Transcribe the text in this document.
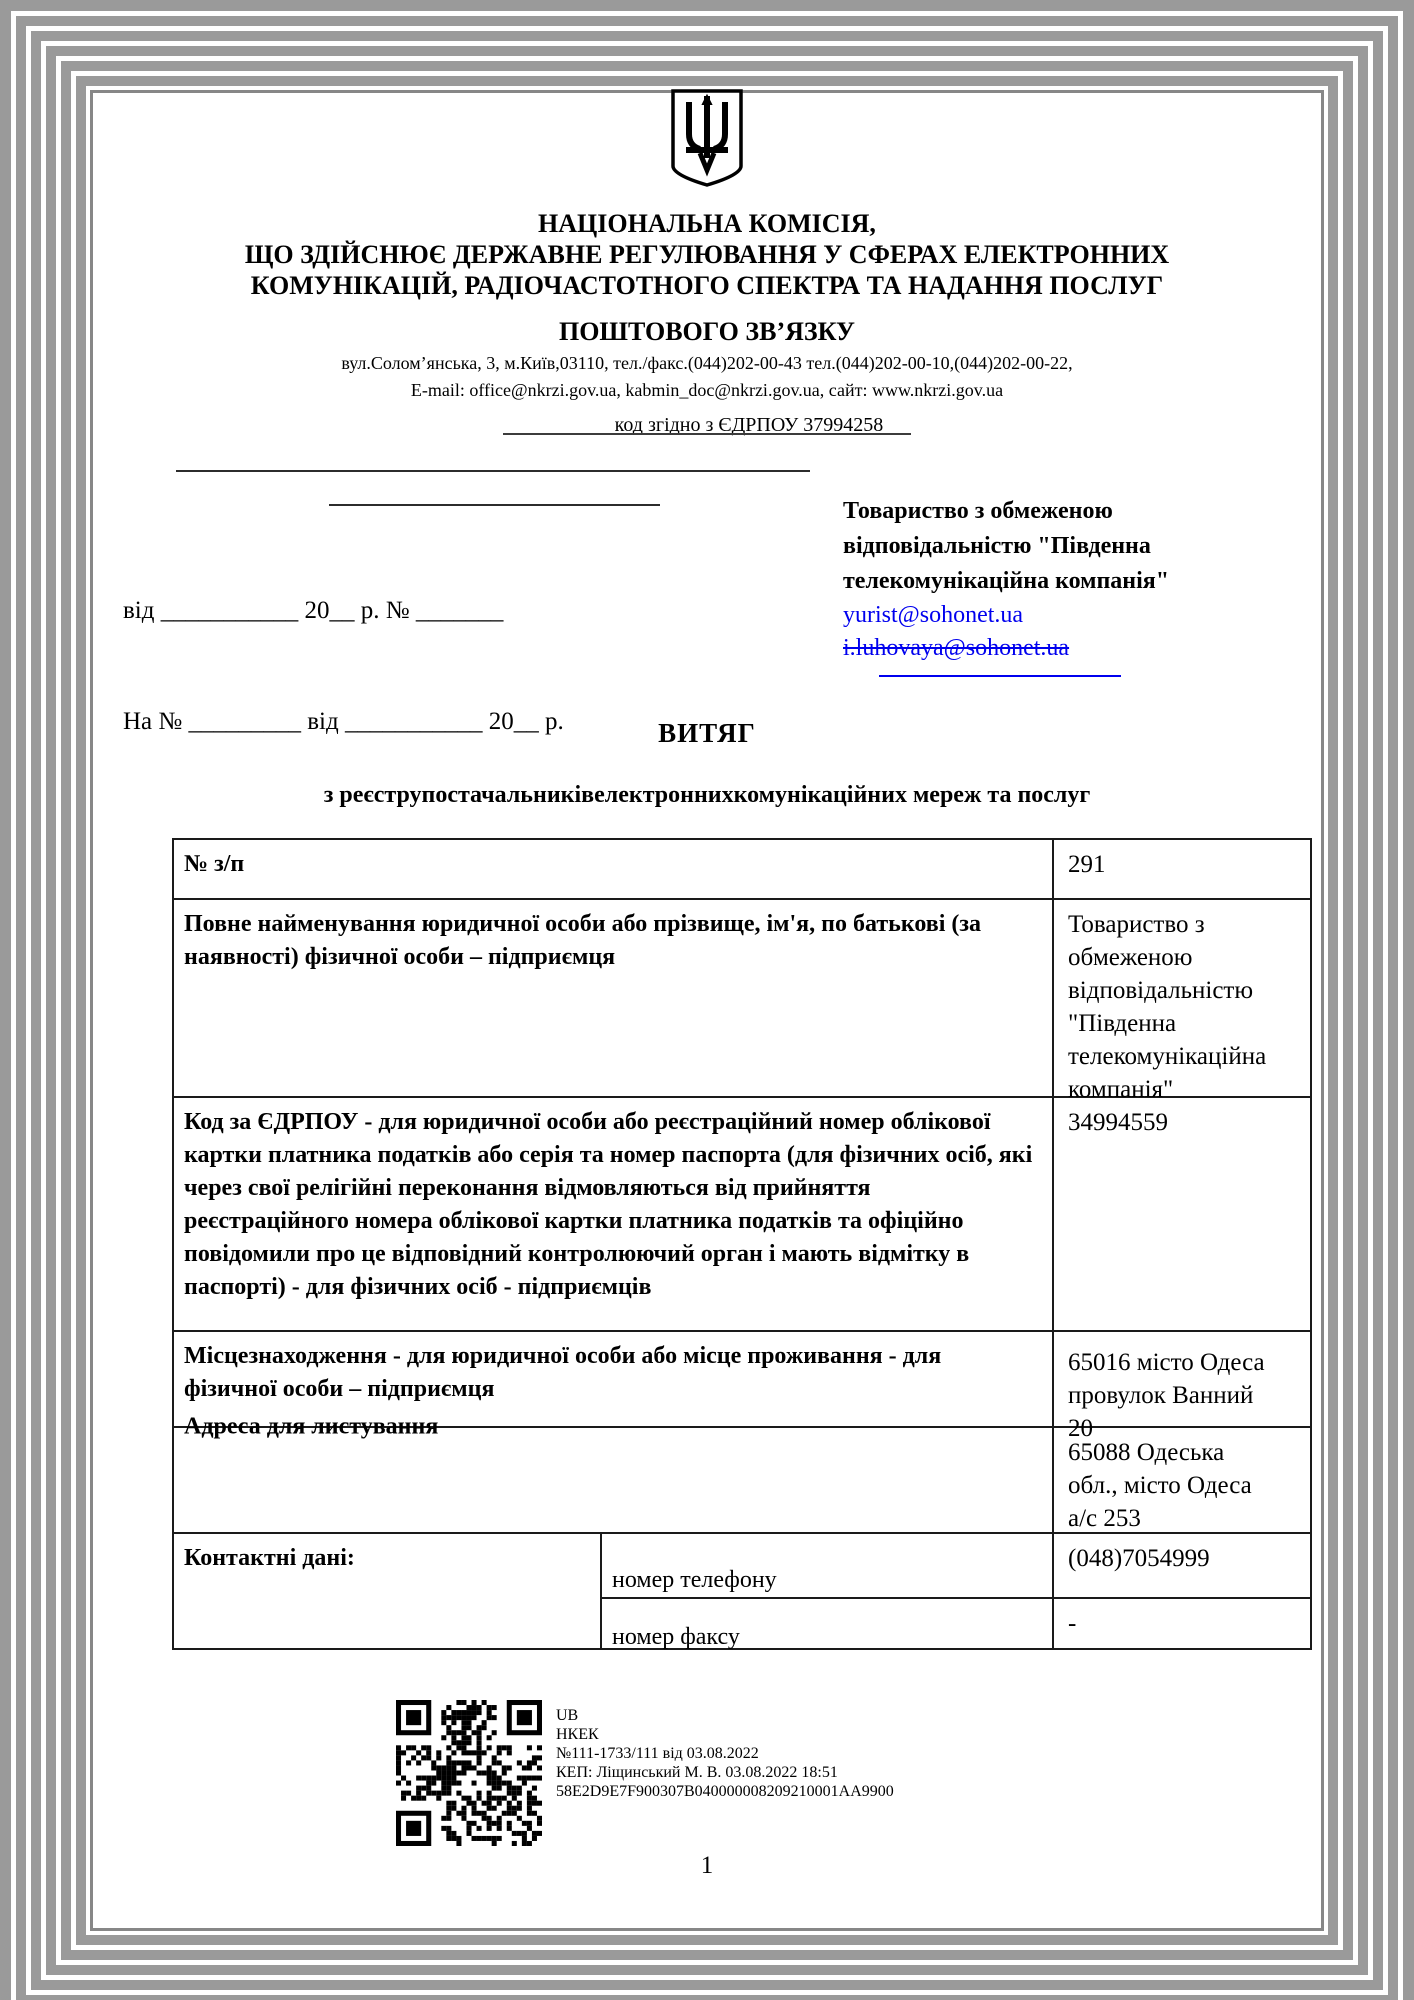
НАЦІОНАЛЬНА КОМІСІЯ,
ЩО ЗДІЙСНЮЄ ДЕРЖАВНЕ РЕГУЛЮВАННЯ У СФЕРАХ ЕЛЕКТРОННИХ
КОМУНІКАЦІЙ, РАДІОЧАСТОТНОГО СПЕКТРА ТА НАДАННЯ ПОСЛУГ
ПОШТОВОГО ЗВ’ЯЗКУ
вул.Солом’янська, 3, м.Київ,03110, тел./факс.(044)202-00-43 тел.(044)202-00-10,(044)202-00-22,
E-mail: office@nkrzi.gov.ua, kabmin_doc@nkrzi.gov.ua, сайт: www.nkrzi.gov.ua
код згідно з ЄДРПОУ 37994258

від ___________ 20__ р. № _______

На № _________ від ___________ 20__ р.

Товариство з обмеженою
відповідальністю "Південна
телекомунікаційна компанія"
yurist@sohonet.ua
i.luhovaya@sohonet.ua
ВИТЯГ
з реєструпостачальниківелектроннихкомунікаційних мереж та послуг
№ з/п	291
Повне найменування юридичної особи або прізвище, ім'я, по батькові (за наявності) фізичної особи – підприємця
Товариство з обмеженою відповідальністю "Південна телекомунікаційна компанія"
Код за ЄДРПОУ - для юридичної особи або реєстраційний номер облікової картки платника податків або серія та номер паспорта (для фізичних осіб, які через свої релігійні переконання відмовляються від прийняття реєстраційного номера облікової картки платника податків та офіційно повідомили про це відповідний контролюючий орган і мають відмітку в паспорті) - для фізичних осіб - підприємців
34994559
Місцезнаходження - для юридичної особи або місце проживання - для фізичної особи – підприємця
Адреса для листування
65016 місто Одеса провулок Ванний 20
65088 Одеська обл., місто Одеса а/с 253
Контактні дані:
номер телефону
(048)7054999
номер факсу	-
UB
НКЕК
№111-1733/111 від 03.08.2022
КЕП: Ліщинський М. В. 03.08.2022 18:51
58E2D9E7F900307B040000008209210001AA9900
1
